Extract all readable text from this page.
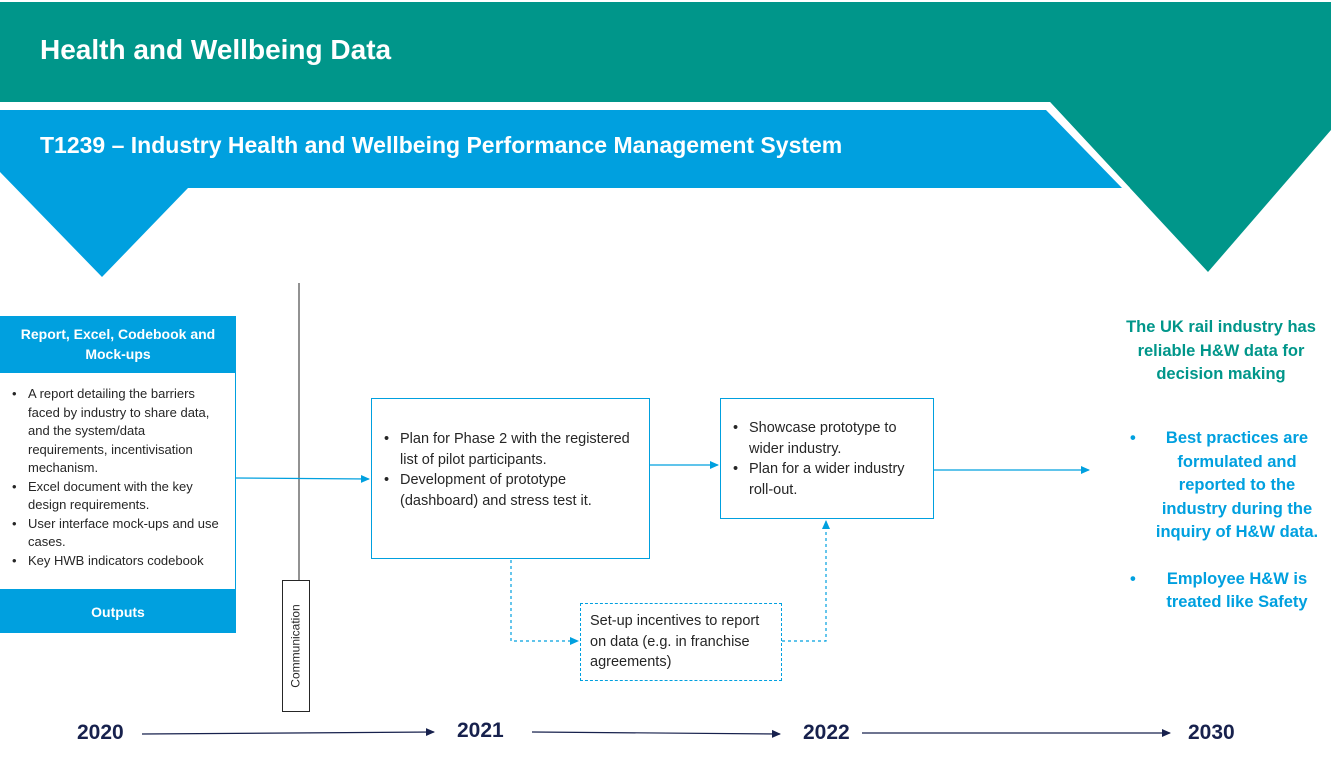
Health and Wellbeing Data
T1239 – Industry Health and Wellbeing Performance Management System
Report, Excel, Codebook and Mock-ups
• A report detailing the barriers faced by industry to share data, and the system/data requirements, incentivisation mechanism.
• Excel document with the key design requirements.
• User interface mock-ups and use cases.
• Key HWB indicators codebook
Outputs	Communication
• Plan for Phase 2 with the registered list of pilot participants.
• Development of prototype (dashboard) and stress test it.
• Showcase prototype to wider industry.
• Plan for a wider industry roll-out.
Set-up incentives to report on data (e.g. in franchise agreements)
The UK rail industry has reliable H&W data for decision making
• Best practices are formulated and reported to the industry during the inquiry of H&W data.
• Employee H&W is treated like Safety
2020	2021	2022	2030
